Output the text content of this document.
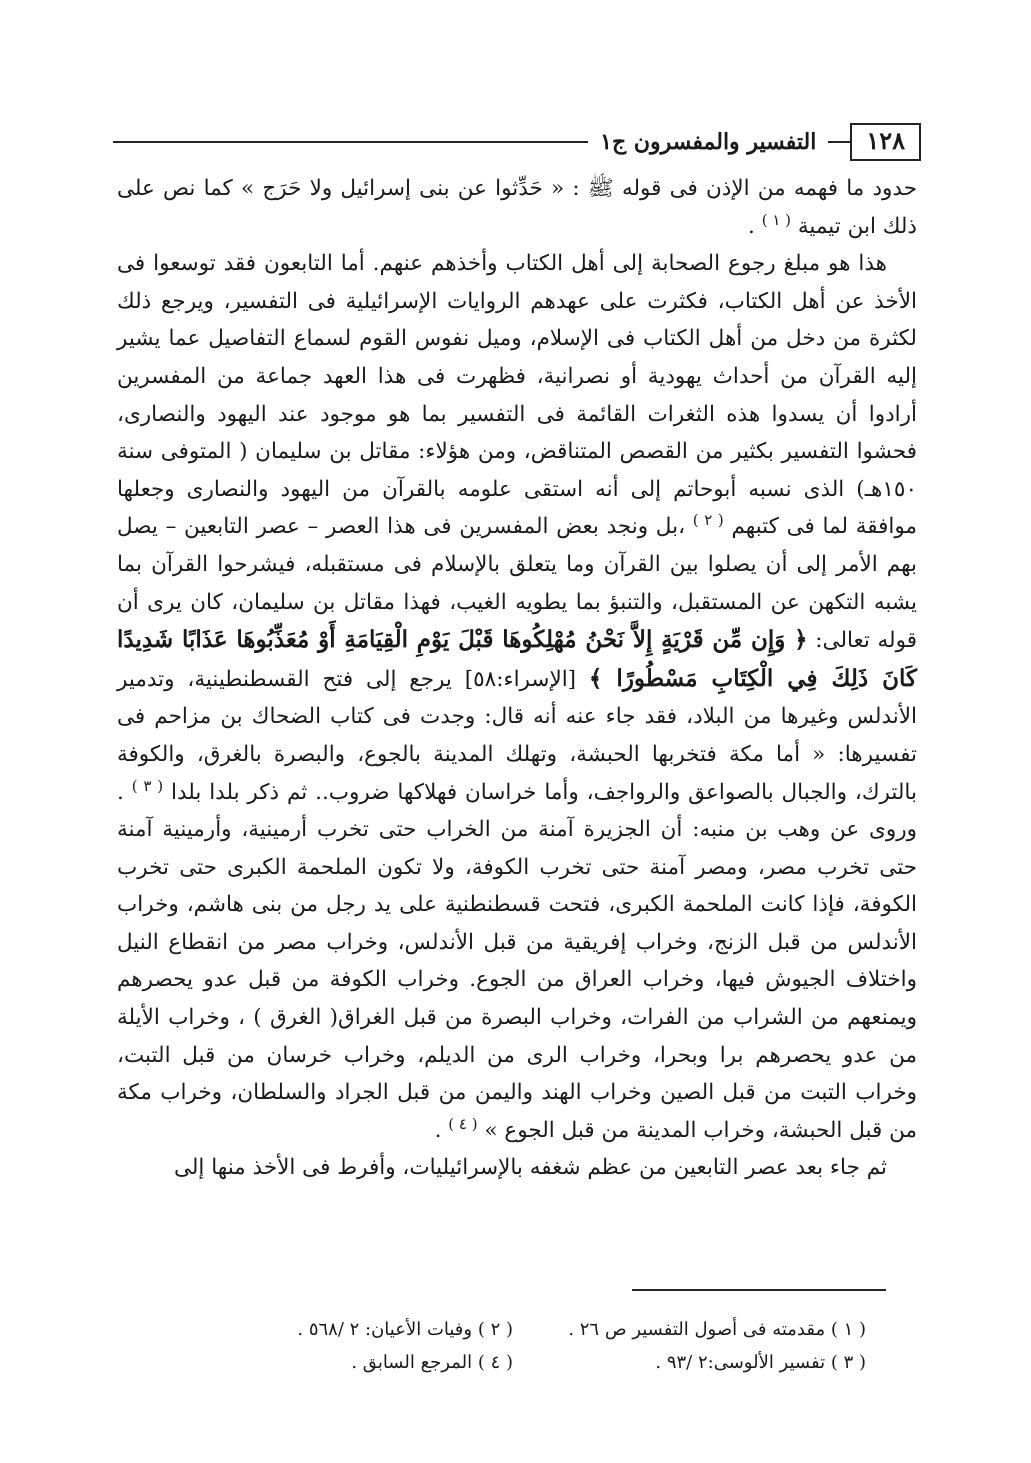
١٢٨
التفسير والمفسرون ج١

حدود ما فهمه من الإذن فى قوله ﷺ : « حَدِّثوا عن بنى إسرائيل ولا حَرَج » كما نص على ذلك ابن تيمية $^{( ١ )}$ .

هذا هو مبلغ رجوع الصحابة إلى أهل الكتاب وأخذهم عنهم. أما التابعون فقد توسعوا فى الأخذ عن أهل الكتاب، فكثرت على عهدهم الروايات الإسرائيلية فى التفسير، ويرجع ذلك لكثرة من دخل من أهل الكتاب فى الإسلام، وميل نفوس القوم لسماع التفاصيل عما يشير إليه القرآن من أحداث يهودية أو نصرانية، فظهرت فى هذا العهد جماعة من المفسرين أرادوا أن يسدوا هذه الثغرات القائمة فى التفسير بما هو موجود عند اليهود والنصارى، فحشوا التفسير بكثير من القصص المتناقض، ومن هؤلاء: مقاتل بن سليمان ( المتوفى سنة ١٥٠هـ) الذى نسبه أبوحاتم إلى أنه استقى علومه بالقرآن من اليهود والنصارى وجعلها موافقة لما فى كتبهم $^{( ٢ )}$ ،بل ونجد بعض المفسرين فى هذا العصر – عصر التابعين – يصل بهم الأمر إلى أن يصلوا بين القرآن وما يتعلق بالإسلام فى مستقبله، فيشرحوا القرآن بما يشبه التكهن عن المستقبل، والتنبؤ بما يطويه الغيب، فهذا مقاتل بن سليمان، كان يرى أن قوله تعالى: ﴿ وَإِن مِّن قَرْيَةٍ إِلاَّ نَحْنُ مُهْلِكُوهَا قَبْلَ يَوْمِ الْقِيَامَةِ أَوْ مُعَذِّبُوهَا عَذَابًا شَدِيدًا كَانَ ذَلِكَ فِي الْكِتَابِ مَسْطُورًا ﴾ [الإسراء:٥٨] يرجع إلى فتح القسطنطينية، وتدمير الأندلس وغيرها من البلاد، فقد جاء عنه أنه قال: وجدت فى كتاب الضحاك بن مزاحم فى تفسيرها: « أما مكة فتخربها الحبشة، وتهلك المدينة بالجوع، والبصرة بالغرق، والكوفة بالترك، والجبال بالصواعق والرواجف، وأما خراسان فهلاكها ضروب.. ثم ذكر بلدا بلدا $^{( ٣ )}$ . وروى عن وهب بن منبه: أن الجزيرة آمنة من الخراب حتى تخرب أرمينية، وأرمينية آمنة حتى تخرب مصر، ومصر آمنة حتى تخرب الكوفة، ولا تكون الملحمة الكبرى حتى تخرب الكوفة، فإذا كانت الملحمة الكبرى، فتحت قسطنطنية على يد رجل من بنى هاشم، وخراب الأندلس من قبل الزنج، وخراب إفريقية من قبل الأندلس، وخراب مصر من انقطاع النيل واختلاف الجيوش فيها، وخراب العراق من الجوع. وخراب الكوفة من قبل عدو يحصرهم ويمنعهم من الشراب من الفرات، وخراب البصرة من قبل الغراق( الغرق ) ، وخراب الأيلة من عدو يحصرهم برا وبحرا، وخراب الرى من الديلم، وخراب خرسان من قبل التبت، وخراب التبت من قبل الصين وخراب الهند واليمن من قبل الجراد والسلطان، وخراب مكة من قبل الحبشة، وخراب المدينة من قبل الجوع » $^{( ٤ )}$ .

ثم جاء بعد عصر التابعين من عظم شغفه بالإسرائيليات، وأفرط فى الأخذ منها إلى

( ١ ) مقدمته فى أصول التفسير ص ٢٦ .
( ٢ ) وفيات الأعيان: ٢ /٥٦٨ .
( ٣ ) تفسير الألوسى:٢ /٩٣ .
( ٤ ) المرجع السابق .
